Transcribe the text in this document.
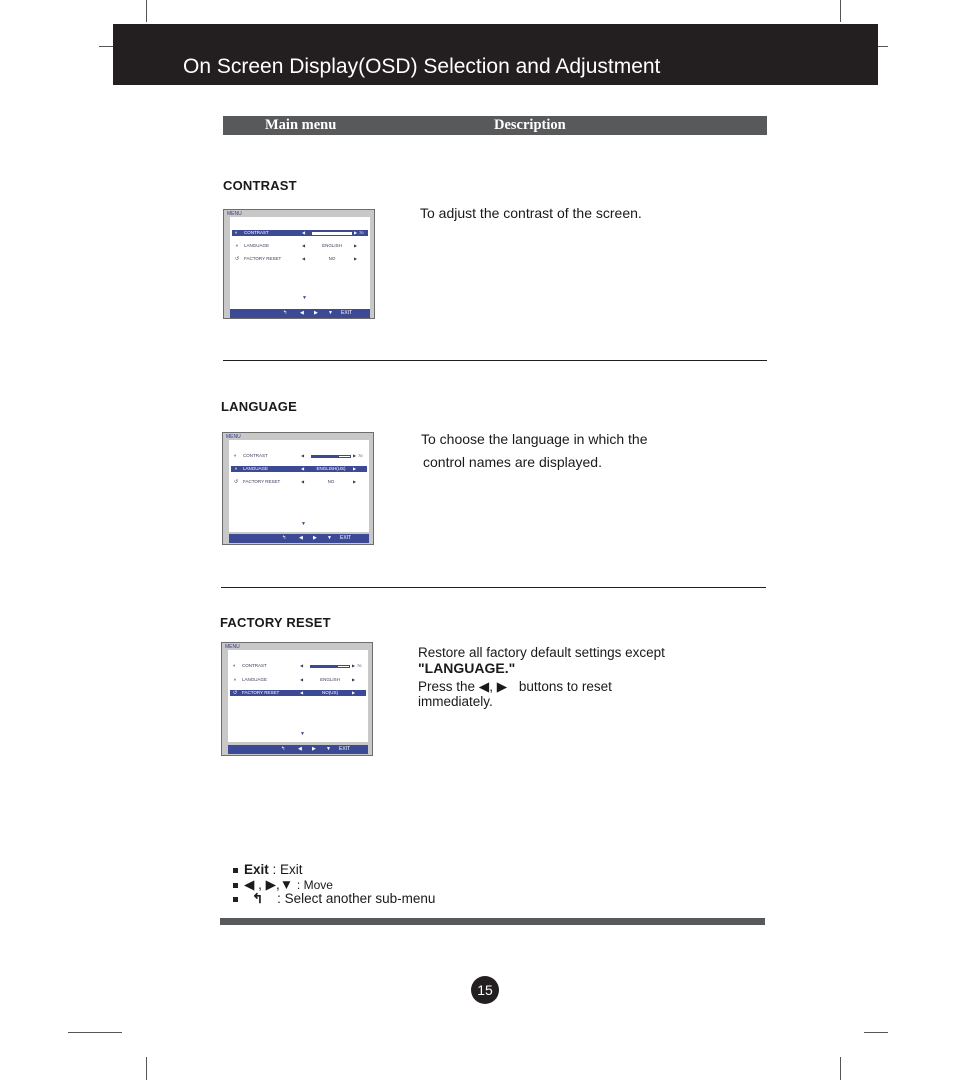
On Screen Display(OSD) Selection and Adjustment
Main menu	Description
CONTRAST
To adjust the contrast of the screen.
MENU
◐ CONTRAST	◀	▶ 70
◑ LANGUAGE	◀	ENGLISH	▶
↺ FACTORY RESET	◀	NO	▶
▼
↰	◀ ▶ ▼ EXIT
LANGUAGE
To choose the language in which the
control names are displayed.
MENU
◐ CONTRAST	◀	▶ 70
◑ LANGUAGE	◀	ENGLISH(US)	▶
↺ FACTORY RESET	◀	NO	▶
▼
↰	◀ ▶ ▼ EXIT
FACTORY RESET
Restore all factory default settings except
"LANGUAGE."
Press the ◀, ▶ buttons to reset
immediately.
MENU
◐ CONTRAST	◀	▶ 70
◑ LANGUAGE	◀	ENGLISH	▶
↺ FACTORY RESET	◀	NO(US)	▶
▼
↰	◀ ▶ ▼ EXIT
Exit : Exit
◀ , ▶,▼ : Move
↰ : Select another sub-menu
15
